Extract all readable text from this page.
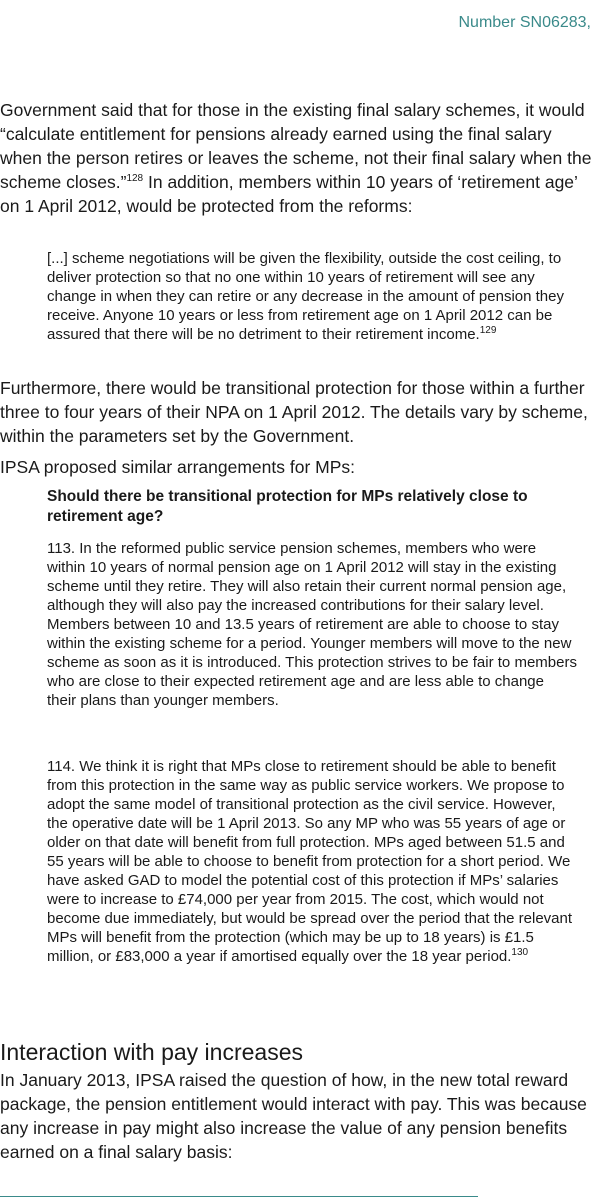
Number SN06283,

Government said that for those in the existing final salary schemes, it would “calculate entitlement for pensions already earned using the final salary when the person retires or leaves the scheme, not their final salary when the scheme closes.”$^{128}$ In addition, members within 10 years of ‘retirement age’ on 1 April 2012, would be protected from the reforms:

[...] scheme negotiations will be given the flexibility, outside the cost ceiling, to deliver protection so that no one within 10 years of retirement will see any change in when they can retire or any decrease in the amount of pension they receive. Anyone 10 years or less from retirement age on 1 April 2012 can be assured that there will be no detriment to their retirement income.$^{129}$

Furthermore, there would be transitional protection for those within a further three to four years of their NPA on 1 April 2012. The details vary by scheme, within the parameters set by the Government.

IPSA proposed similar arrangements for MPs:

Should there be transitional protection for MPs relatively close to retirement age?

113. In the reformed public service pension schemes, members who were within 10 years of normal pension age on 1 April 2012 will stay in the existing scheme until they retire. They will also retain their current normal pension age, although they will also pay the increased contributions for their salary level. Members between 10 and 13.5 years of retirement are able to choose to stay within the existing scheme for a period. Younger members will move to the new scheme as soon as it is introduced. This protection strives to be fair to members who are close to their expected retirement age and are less able to change their plans than younger members.

114. We think it is right that MPs close to retirement should be able to benefit from this protection in the same way as public service workers. We propose to adopt the same model of transitional protection as the civil service. However, the operative date will be 1 April 2013. So any MP who was 55 years of age or older on that date will benefit from full protection. MPs aged between 51.5 and 55 years will be able to choose to benefit from protection for a short period. We have asked GAD to model the potential cost of this protection if MPs’ salaries were to increase to £74,000 per year from 2015. The cost, which would not become due immediately, but would be spread over the period that the relevant MPs will benefit from the protection (which may be up to 18 years) is £1.5 million, or £83,000 a year if amortised equally over the 18 year period.$^{130}$

Interaction with pay increases

In January 2013, IPSA raised the question of how, in the new total reward package, the pension entitlement would interact with pay. This was because any increase in pay might also increase the value of any pension benefits earned on a final salary basis:
